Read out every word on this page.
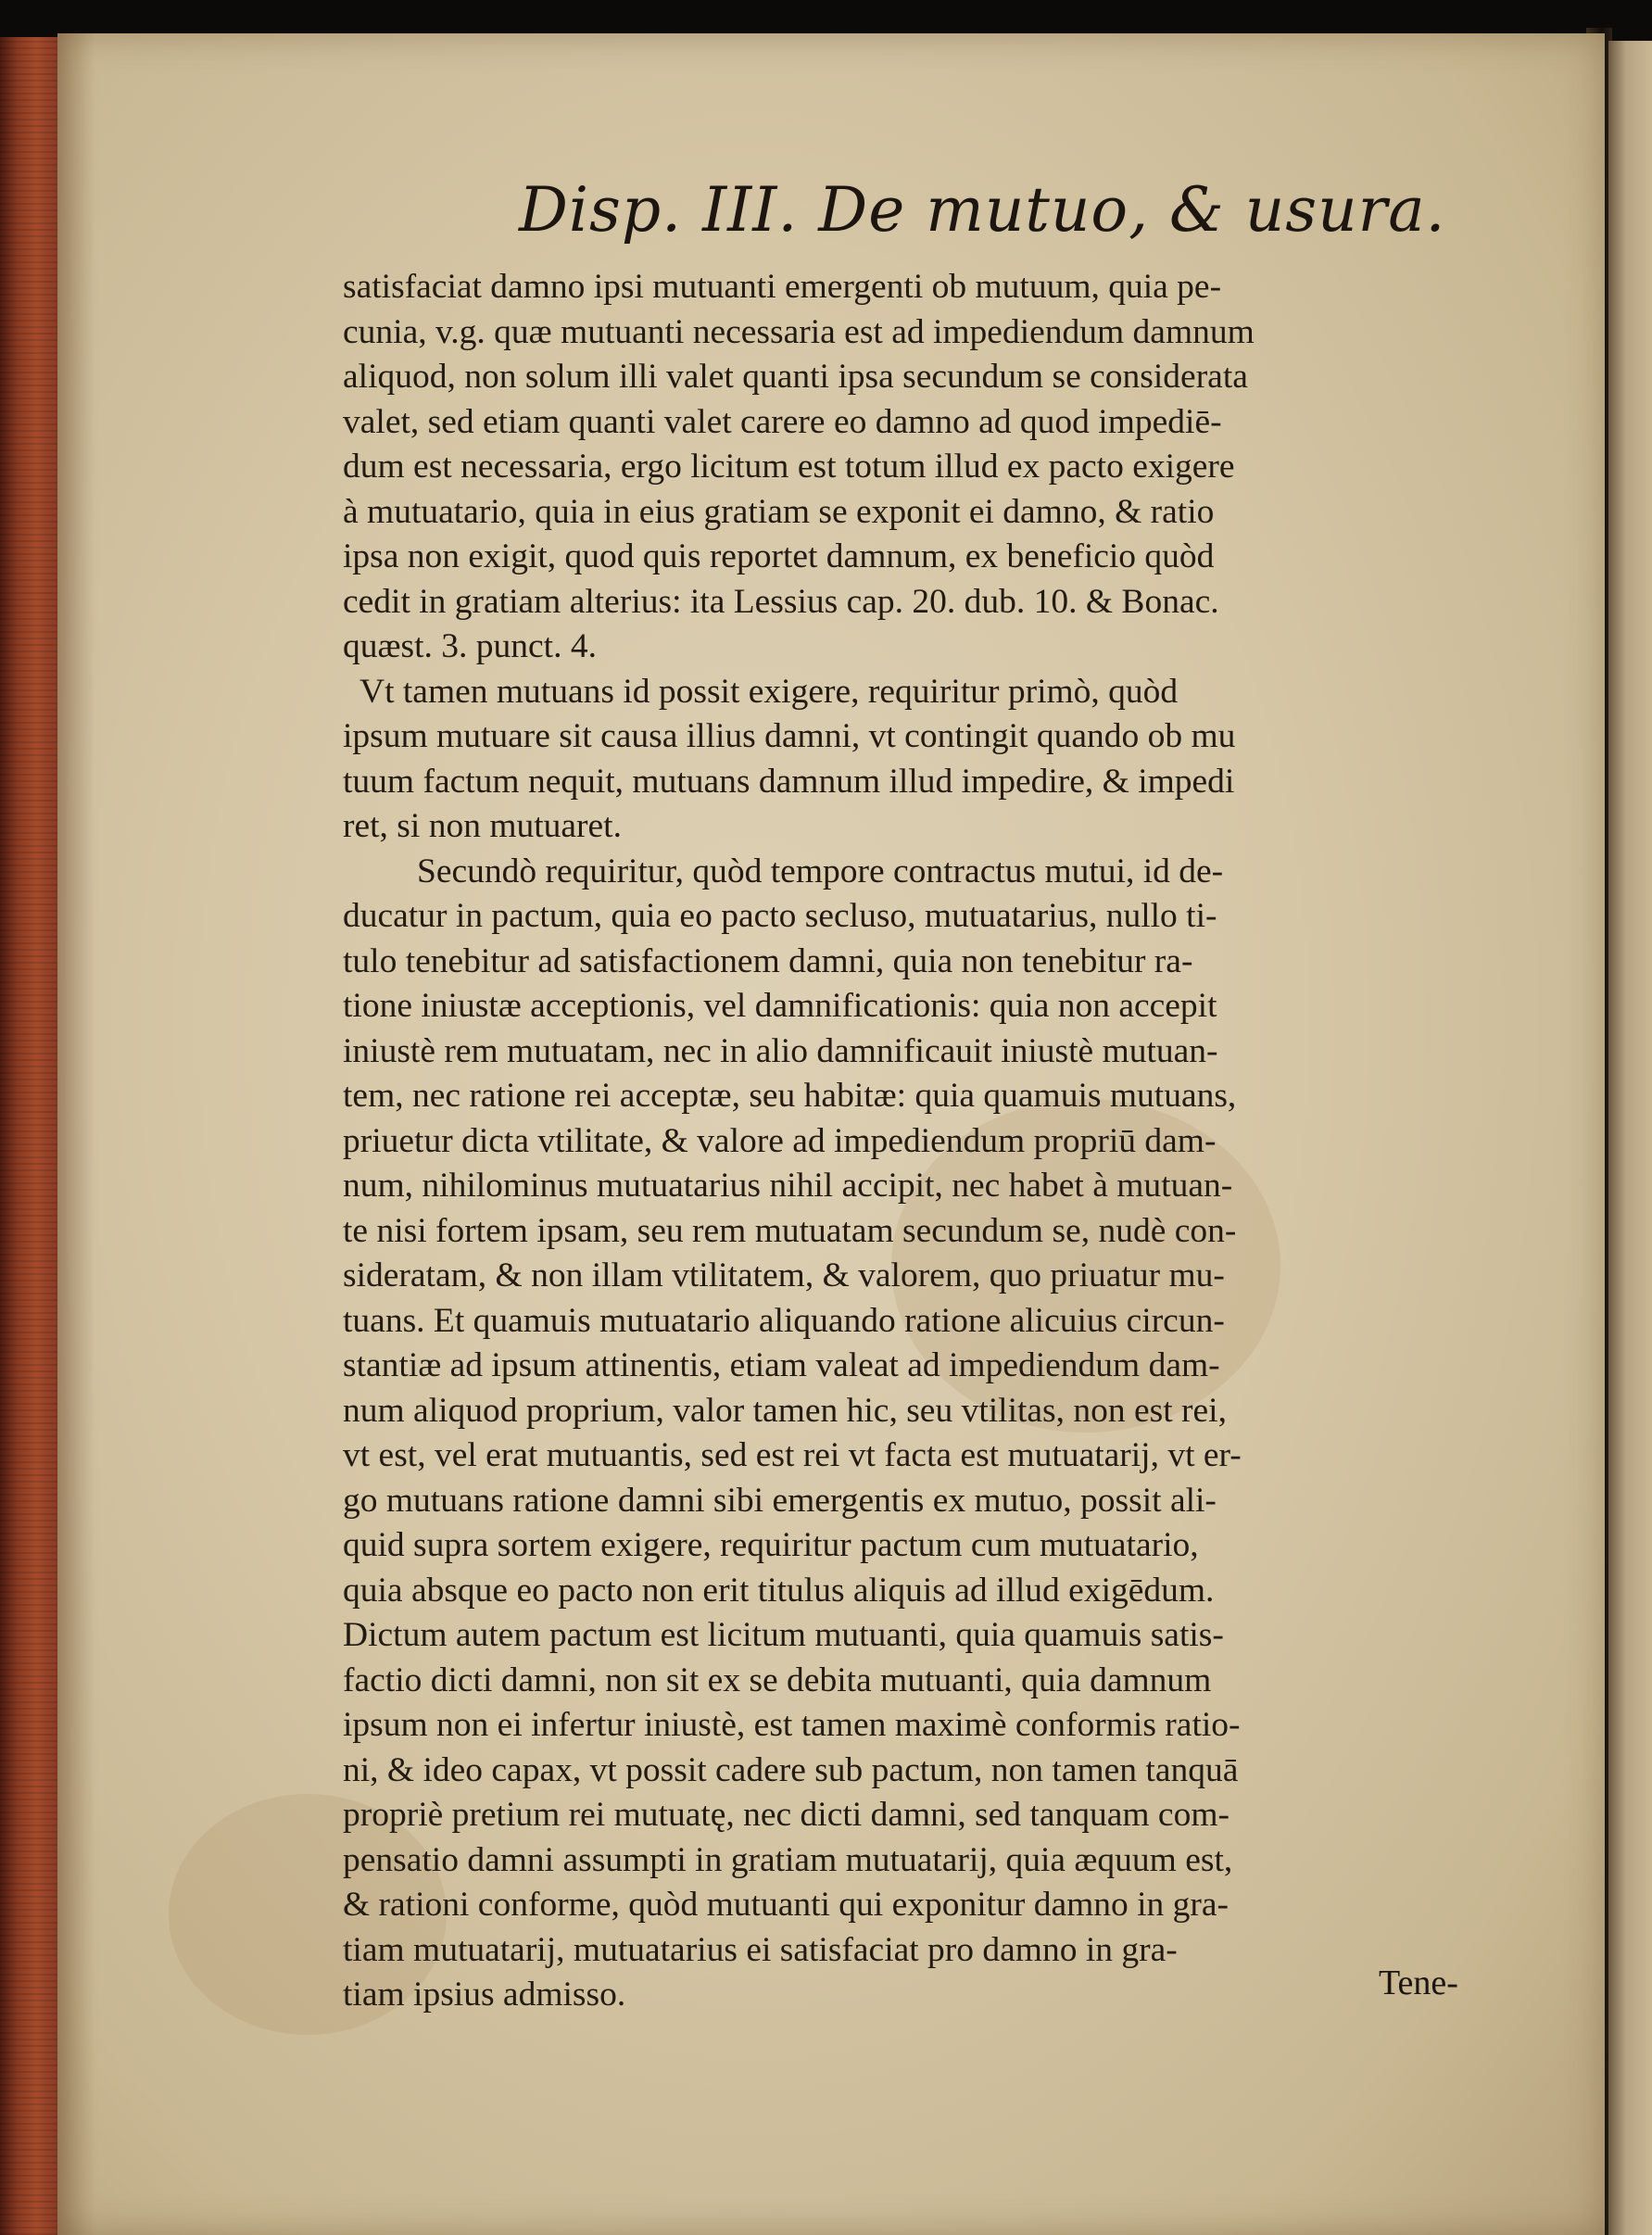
Disp. III. De mutuo, & usura.
satisfaciat damno ipsi mutuanti emergenti ob mutuum, quia pe-
cunia, v.g. quæ mutuanti necessaria est ad impediendum damnum
aliquod, non solum illi valet quanti ipsa secundum se considerata
valet, sed etiam quanti valet carere eo damno ad quod impediē-
dum est necessaria, ergo licitum est totum illud ex pacto exigere
à mutuatario, quia in eius gratiam se exponit ei damno, & ratio
ipsa non exigit, quod quis reportet damnum, ex beneficio quòd
cedit in gratiam alterius: ita Lessius cap. 20. dub. 10. & Bonac.
quæst. 3. punct. 4.
Vt tamen mutuans id possit exigere, requiritur primò, quòd
ipsum mutuare sit causa illius damni, vt contingit quando ob mu
tuum factum nequit, mutuans damnum illud impedire, & impedi
ret, si non mutuaret.
Secundò requiritur, quòd tempore contractus mutui, id de-
ducatur in pactum, quia eo pacto secluso, mutuatarius, nullo ti-
tulo tenebitur ad satisfactionem damni, quia non tenebitur ra-
tione iniustæ acceptionis, vel damnificationis: quia non accepit
iniustè rem mutuatam, nec in alio damnificauit iniustè mutuan-
tem, nec ratione rei acceptæ, seu habitæ: quia quamuis mutuans,
priuetur dicta vtilitate, & valore ad impediendum propriū dam-
num, nihilominus mutuatarius nihil accipit, nec habet à mutuan-
te nisi fortem ipsam, seu rem mutuatam secundum se, nudè con-
sideratam, & non illam vtilitatem, & valorem, quo priuatur mu-
tuans. Et quamuis mutuatario aliquando ratione alicuius circun-
stantiæ ad ipsum attinentis, etiam valeat ad impediendum dam-
num aliquod proprium, valor tamen hic, seu vtilitas, non est rei,
vt est, vel erat mutuantis, sed est rei vt facta est mutuatarij, vt er-
go mutuans ratione damni sibi emergentis ex mutuo, possit ali-
quid supra sortem exigere, requiritur pactum cum mutuatario,
quia absque eo pacto non erit titulus aliquis ad illud exigēdum.
Dictum autem pactum est licitum mutuanti, quia quamuis satis-
factio dicti damni, non sit ex se debita mutuanti, quia damnum
ipsum non ei infertur iniustè, est tamen maximè conformis ratio-
ni, & ideo capax, vt possit cadere sub pactum, non tamen tanquā
propriè pretium rei mutuatę, nec dicti damni, sed tanquam com-
pensatio damni assumpti in gratiam mutuatarij, quia æquum est,
& rationi conforme, quòd mutuanti qui exponitur damno in gra-
tiam mutuatarij, mutuatarius ei satisfaciat pro damno in gra-
tiam ipsius admisso.	Tene-
